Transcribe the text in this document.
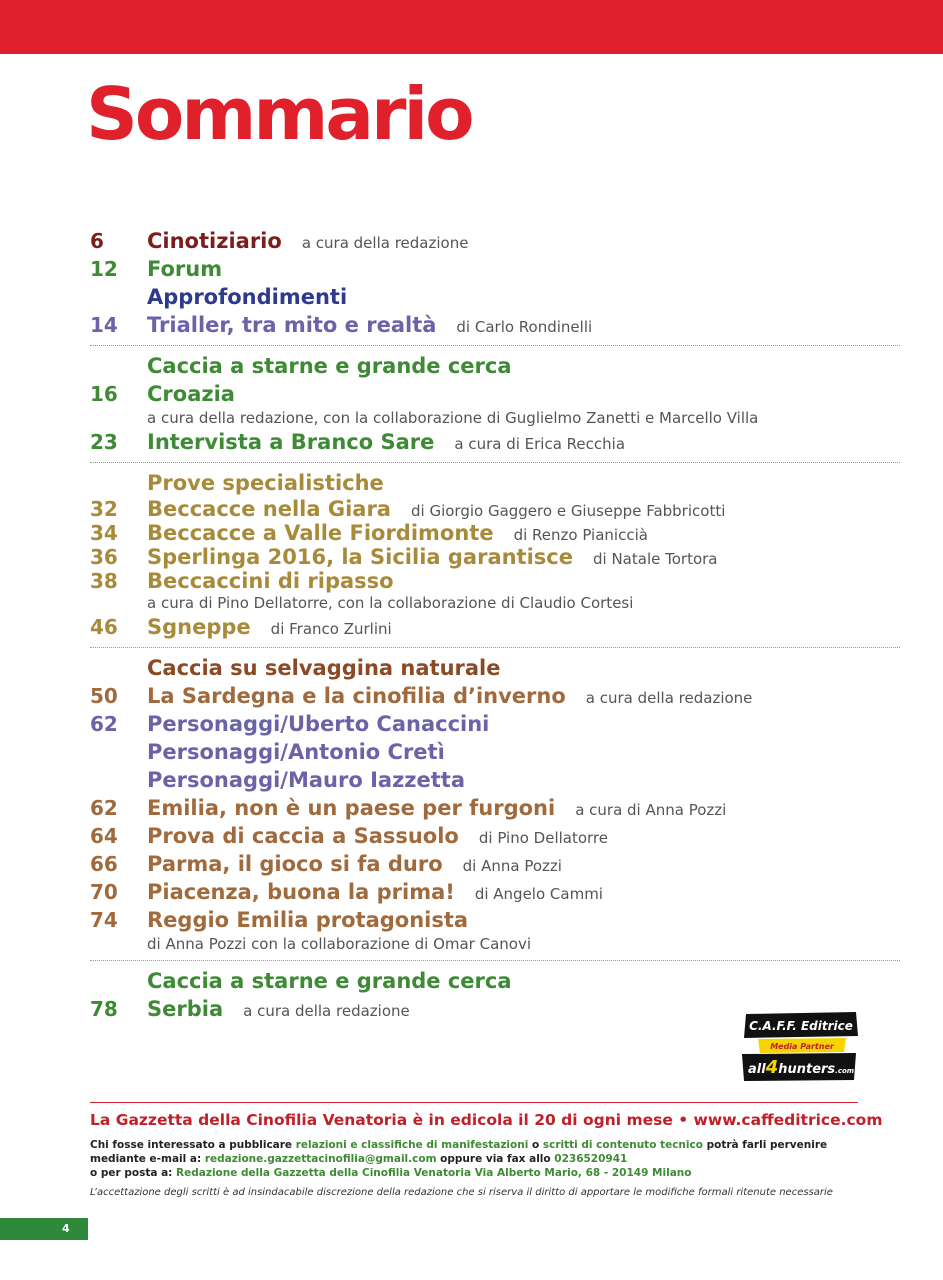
Sommario
6 Cinotiziario a cura della redazione
12 Forum
Approfondimenti
14 Trialler, tra mito e realtà di Carlo Rondinelli
Caccia a starne e grande cerca
16 Croazia
a cura della redazione, con la collaborazione di Guglielmo Zanetti e Marcello Villa
23 Intervista a Branco Sare a cura di Erica Recchia
Prove specialistiche
32 Beccacce nella Giara di Giorgio Gaggero e Giuseppe Fabbricotti
34 Beccacce a Valle Fiordimonte di Renzo Pianiccià
36 Sperlinga 2016, la Sicilia garantisce di Natale Tortora
38 Beccaccini di ripasso
a cura di Pino Dellatorre, con la collaborazione di Claudio Cortesi
46 Sgneppe di Franco Zurlini
Caccia su selvaggina naturale
50 La Sardegna e la cinofilia d’inverno a cura della redazione
62 Personaggi/Uberto Canaccini
Personaggi/Antonio Cretì
Personaggi/Mauro Iazzetta
62 Emilia, non è un paese per furgoni a cura di Anna Pozzi
64 Prova di caccia a Sassuolo di Pino Dellatorre
66 Parma, il gioco si fa duro di Anna Pozzi
70 Piacenza, buona la prima! di Angelo Cammi
74 Reggio Emilia protagonista
di Anna Pozzi con la collaborazione di Omar Canovi
Caccia a starne e grande cerca
78 Serbia a cura della redazione
C.A.F.F. Editrice
Media Partner
all4hunters.com
La Gazzetta della Cinofilia Venatoria è in edicola il 20 di ogni mese • www.caffeditrice.com
Chi fosse interessato a pubblicare relazioni e classifiche di manifestazioni o scritti di contenuto tecnico potrà farli pervenire
mediante e-mail a: redazione.gazzettacinofilia@gmail.com oppure via fax allo 0236520941
o per posta a: Redazione della Gazzetta della Cinofilia Venatoria Via Alberto Mario, 68 - 20149 Milano
L’accettazione degli scritti è ad insindacabile discrezione della redazione che si riserva il diritto di apportare le modifiche formali ritenute necessarie
4
